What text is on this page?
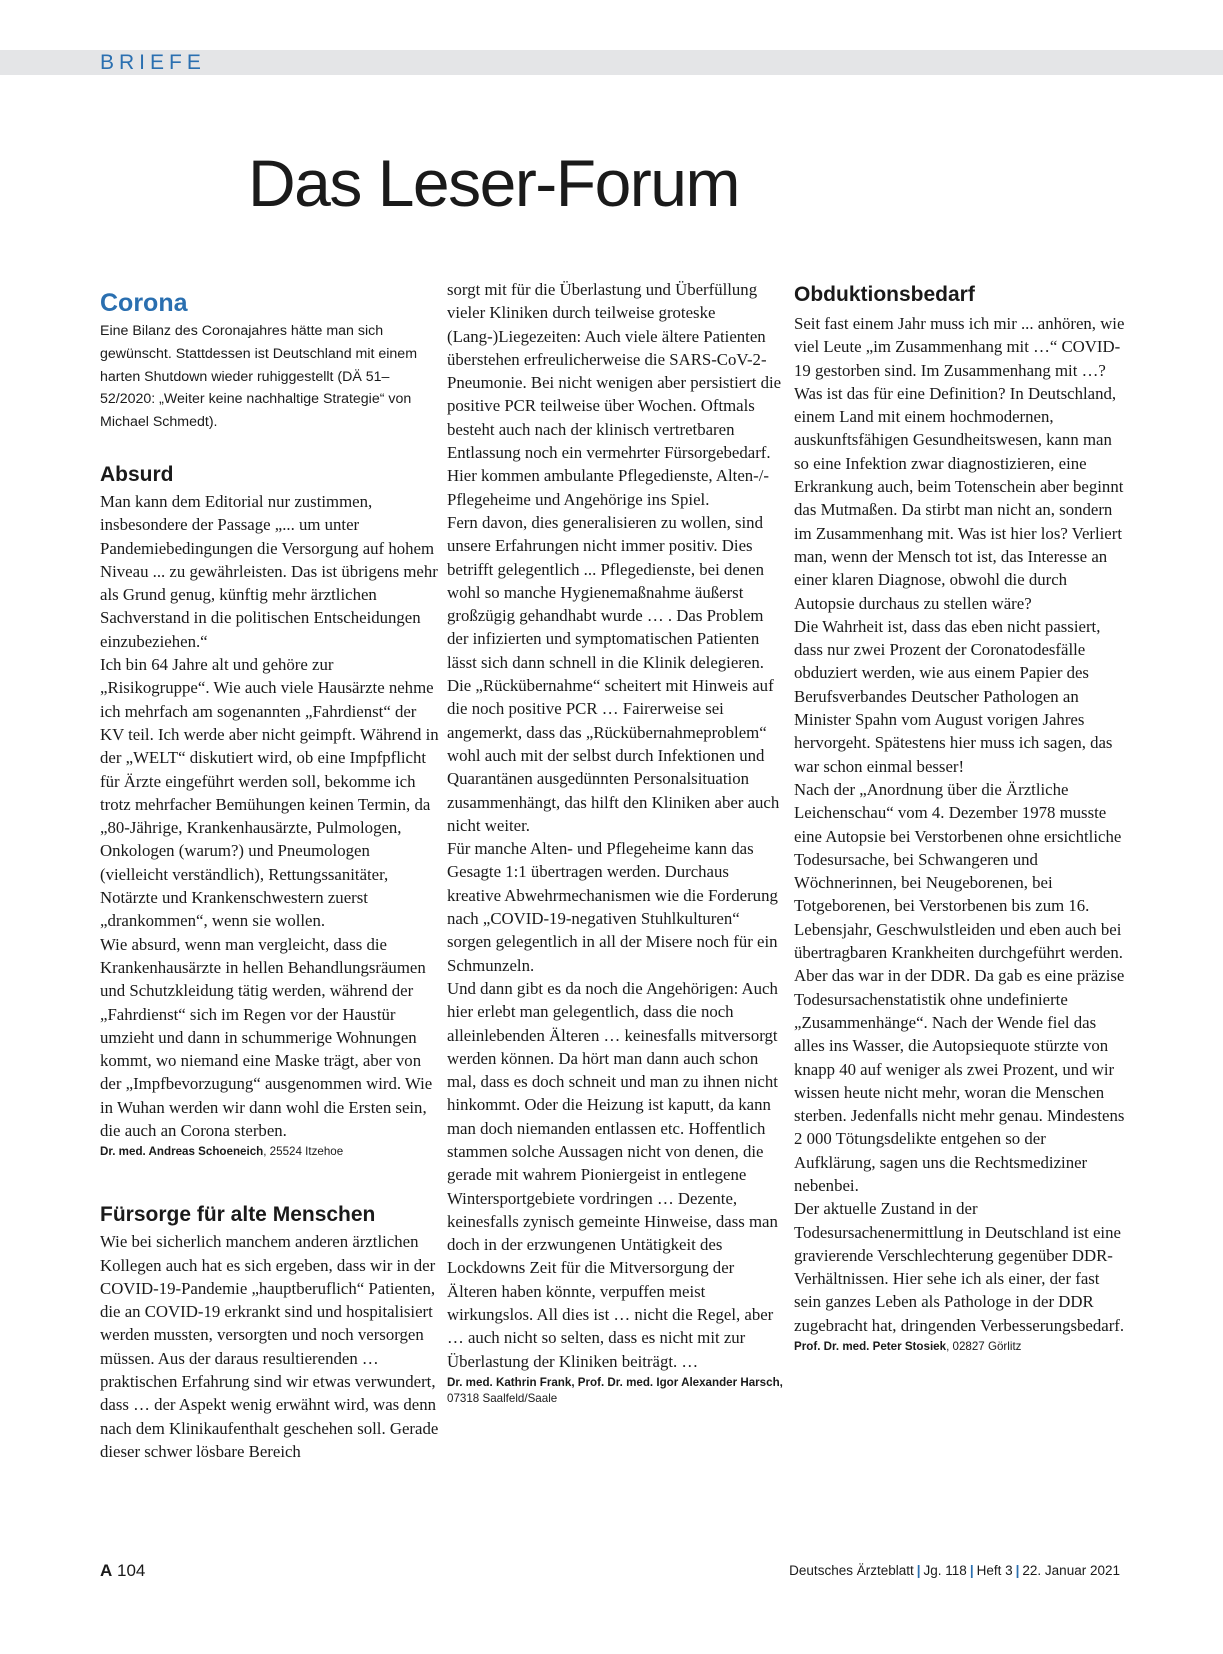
BRIEFE
Das Leser-Forum

Corona

Eine Bilanz des Coronajahres hätte man sich gewünscht. Stattdessen ist Deutschland mit einem harten Shutdown wieder ruhiggestellt (DÄ 51–52/2020: „Weiter keine nachhaltige Strategie“ von Michael Schmedt).

Absurd

Man kann dem Editorial nur zustimmen, insbesondere der Passage „... um unter Pandemiebedingungen die Versorgung auf hohem Niveau ... zu gewährleisten. Das ist übrigens mehr als Grund genug, künftig mehr ärztlichen Sachverstand in die politischen Entscheidungen einzubeziehen.“

Ich bin 64 Jahre alt und gehöre zur „Risikogruppe“. Wie auch viele Hausärzte nehme ich mehrfach am sogenannten „Fahrdienst“ der KV teil. Ich werde aber nicht geimpft. Während in der „WELT“ diskutiert wird, ob eine Impfpflicht für Ärzte eingeführt werden soll, bekomme ich trotz mehrfacher Bemühungen keinen Termin, da „80-Jährige, Krankenhausärzte, Pulmologen, Onkologen (warum?) und Pneumologen (vielleicht verständlich), Rettungssanitäter, Notärzte und Krankenschwestern zuerst „drankommen“, wenn sie wollen.

Wie absurd, wenn man vergleicht, dass die Krankenhausärzte in hellen Behandlungsräumen und Schutzkleidung tätig werden, während der „Fahrdienst“ sich im Regen vor der Haustür umzieht und dann in schummerige Wohnungen kommt, wo niemand eine Maske trägt, aber von der „Impfbevorzugung“ ausgenommen wird. Wie in Wuhan werden wir dann wohl die Ersten sein, die auch an Corona sterben.

Dr. med. Andreas Schoeneich, 25524 Itzehoe

Fürsorge für alte Menschen

Wie bei sicherlich manchem anderen ärztlichen Kollegen auch hat es sich ergeben, dass wir in der COVID-19-Pandemie „hauptberuflich“ Patienten, die an COVID-19 erkrankt sind und hospitalisiert werden mussten, versorgten und noch versorgen müssen. Aus der daraus resultierenden … praktischen Erfahrung sind wir etwas verwundert, dass … der Aspekt wenig erwähnt wird, was denn nach dem Klinikaufenthalt geschehen soll. Gerade dieser schwer lösbare Bereich

sorgt mit für die Überlastung und Überfüllung vieler Kliniken durch teilweise groteske (Lang-)Liegezeiten: Auch viele ältere Patienten überstehen erfreulicherweise die SARS-CoV-2-Pneumonie. Bei nicht wenigen aber persistiert die positive PCR teilweise über Wochen. Oftmals besteht auch nach der klinisch vertretbaren Entlassung noch ein vermehrter Fürsorgebedarf. Hier kommen ambulante Pflegedienste, Alten-/-Pflegeheime und Angehörige ins Spiel.

Fern davon, dies generalisieren zu wollen, sind unsere Erfahrungen nicht immer positiv. Dies betrifft gelegentlich ... Pflegedienste, bei denen wohl so manche Hygienemaßnahme äußerst großzügig gehandhabt wurde … . Das Problem der infizierten und symptomatischen Patienten lässt sich dann schnell in die Klinik delegieren. Die „Rückübernahme“ scheitert mit Hinweis auf die noch positive PCR … Fairerweise sei angemerkt, dass das „Rückübernahmeproblem“ wohl auch mit der selbst durch Infektionen und Quarantänen ausgedünnten Personalsituation zusammenhängt, das hilft den Kliniken aber auch nicht weiter.

Für manche Alten- und Pflegeheime kann das Gesagte 1:1 übertragen werden. Durchaus kreative Abwehrmechanismen wie die Forderung nach „COVID-19-negativen Stuhlkulturen“ sorgen gelegentlich in all der Misere noch für ein Schmunzeln.

Und dann gibt es da noch die Angehörigen: Auch hier erlebt man gelegentlich, dass die noch alleinlebenden Älteren … keinesfalls mitversorgt werden können. Da hört man dann auch schon mal, dass es doch schneit und man zu ihnen nicht hinkommt. Oder die Heizung ist kaputt, da kann man doch niemanden entlassen etc. Hoffentlich stammen solche Aussagen nicht von denen, die gerade mit wahrem Pioniergeist in entlegene Wintersportgebiete vordringen … Dezente, keinesfalls zynisch gemeinte Hinweise, dass man doch in der erzwungenen Untätigkeit des Lockdowns Zeit für die Mitversorgung der Älteren haben könnte, verpuffen meist wirkungslos. All dies ist … nicht die Regel, aber … auch nicht so selten, dass es nicht mit zur Überlastung der Kliniken beiträgt. …

Dr. med. Kathrin Frank, Prof. Dr. med. Igor Alexander Harsch, 07318 Saalfeld/Saale

Obduktionsbedarf

Seit fast einem Jahr muss ich mir ... anhören, wie viel Leute „im Zusammenhang mit …“ COVID-19 gestorben sind. Im Zusammenhang mit …? Was ist das für eine Definition? In Deutschland, einem Land mit einem hochmodernen, auskunftsfähigen Gesundheitswesen, kann man so eine Infektion zwar diagnostizieren, eine Erkrankung auch, beim Totenschein aber beginnt das Mutmaßen. Da stirbt man nicht an, sondern im Zusammenhang mit. Was ist hier los? Verliert man, wenn der Mensch tot ist, das Interesse an einer klaren Diagnose, obwohl die durch Autopsie durchaus zu stellen wäre?

Die Wahrheit ist, dass das eben nicht passiert, dass nur zwei Prozent der Coronatodesfälle obduziert werden, wie aus einem Papier des Berufsverbandes Deutscher Pathologen an Minister Spahn vom August vorigen Jahres hervorgeht. Spätestens hier muss ich sagen, das war schon einmal besser!

Nach der „Anordnung über die Ärztliche Leichenschau“ vom 4. Dezember 1978 musste eine Autopsie bei Verstorbenen ohne ersichtliche Todesursache, bei Schwangeren und Wöchnerinnen, bei Neugeborenen, bei Totgeborenen, bei Verstorbenen bis zum 16. Lebensjahr, Geschwulstleiden und eben auch bei übertragbaren Krankheiten durchgeführt werden.

Aber das war in der DDR. Da gab es eine präzise Todesursachenstatistik ohne undefinierte „Zusammenhänge“. Nach der Wende fiel das alles ins Wasser, die Autopsiequote stürzte von knapp 40 auf weniger als zwei Prozent, und wir wissen heute nicht mehr, woran die Menschen sterben. Jedenfalls nicht mehr genau. Mindestens 2 000 Tötungsdelikte entgehen so der Aufklärung, sagen uns die Rechtsmediziner nebenbei.

Der aktuelle Zustand in der Todesursachenermittlung in Deutschland ist eine gravierende Verschlechterung gegenüber DDR-Verhältnissen. Hier sehe ich als einer, der fast sein ganzes Leben als Pathologe in der DDR zugebracht hat, dringenden Verbesserungsbedarf.

Prof. Dr. med. Peter Stosiek, 02827 Görlitz

A 104	Deutsches Ärzteblatt | Jg. 118 | Heft 3 | 22. Januar 2021
